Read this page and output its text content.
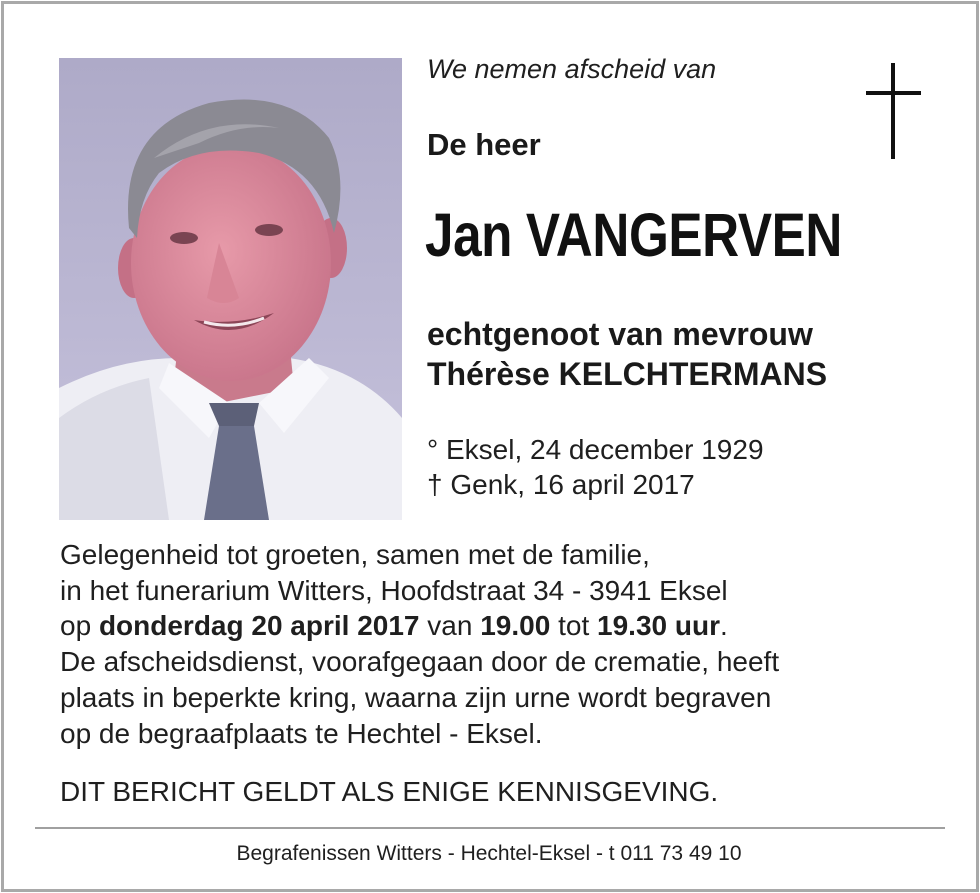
We nemen afscheid van
De heer
Jan VANGERVEN
echtgenoot van mevrouw
Thérèse KELCHTERMANS
° Eksel, 24 december 1929
† Genk, 16 april 2017
Gelegenheid tot groeten, samen met de familie,
in het funerarium Witters, Hoofdstraat 34 - 3941 Eksel
op donderdag 20 april 2017 van 19.00 tot 19.30 uur.
De afscheidsdienst, voorafgegaan door de crematie, heeft
plaats in beperkte kring, waarna zijn urne wordt begraven
op de begraafplaats te Hechtel - Eksel.
DIT BERICHT GELDT ALS ENIGE KENNISGEVING.
Begrafenissen Witters - Hechtel-Eksel - t 011 73 49 10
